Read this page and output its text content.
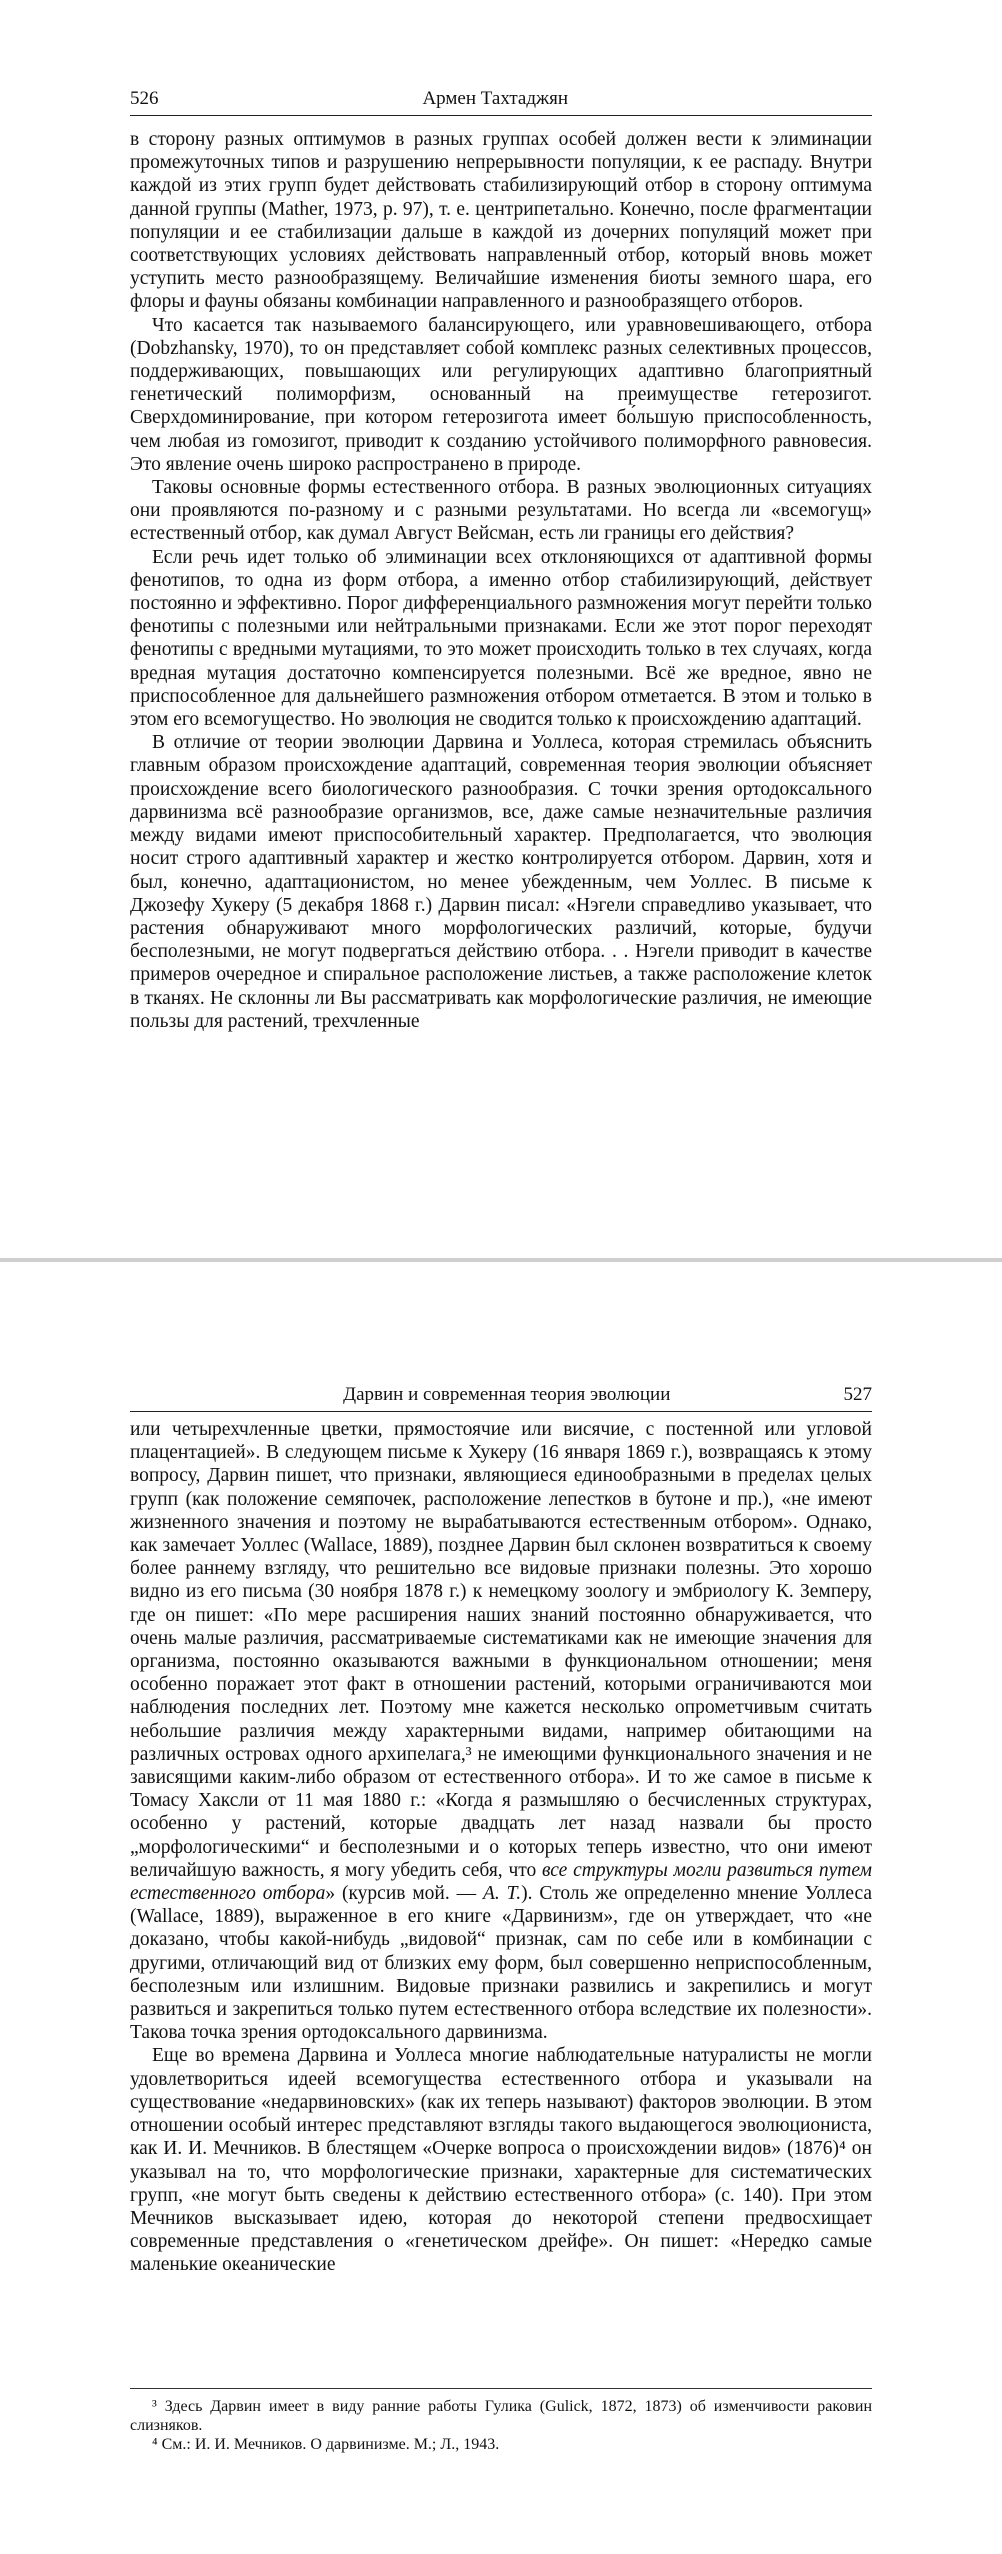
526	Армен Тахтаджян

в сторону разных оптимумов в разных группах особей должен вести к элиминации промежуточных типов и разрушению непрерывности популяции, к ее распаду. Внутри каждой из этих групп будет действовать стабилизирующий отбор в сторону оптимума данной группы (Mather, 1973, p. 97), т. е. центрипетально. Конечно, после фрагментации популяции и ее стабилизации дальше в каждой из дочерних популяций может при соответствующих условиях действовать направленный отбор, который вновь может уступить место разнообразящему. Величайшие изменения биоты земного шара, его флоры и фауны обязаны комбинации направленного и разнообразящего отборов.

Что касается так называемого балансирующего, или уравновешивающего, отбора (Dobzhansky, 1970), то он представляет собой комплекс разных селективных процессов, поддерживающих, повышающих или регулирующих адаптивно благоприятный генетический полиморфизм, основанный на преимуществе гетерозигот. Сверхдоминирование, при котором гетерозигота имеет бо́льшую приспособленность, чем любая из гомозигот, приводит к созданию устойчивого полиморфного равновесия. Это явление очень широко распространено в природе.

Таковы основные формы естественного отбора. В разных эволюционных ситуациях они проявляются по-разному и с разными результатами. Но всегда ли «всемогущ» естественный отбор, как думал Август Вейсман, есть ли границы его действия?

Если речь идет только об элиминации всех отклоняющихся от адаптивной формы фенотипов, то одна из форм отбора, а именно отбор стабилизирующий, действует постоянно и эффективно. Порог дифференциального размножения могут перейти только фенотипы с полезными или нейтральными признаками. Если же этот порог переходят фенотипы с вредными мутациями, то это может происходить только в тех случаях, когда вредная мутация достаточно компенсируется полезными. Всё же вредное, явно не приспособленное для дальнейшего размножения отбором отметается. В этом и только в этом его всемогущество. Но эволюция не сводится только к происхождению адаптаций.

В отличие от теории эволюции Дарвина и Уоллеса, которая стремилась объяснить главным образом происхождение адаптаций, современная теория эволюции объясняет происхождение всего биологического разнообразия. С точки зрения ортодоксального дарвинизма всё разнообразие организмов, все, даже самые незначительные различия между видами имеют приспособительный характер. Предполагается, что эволюция носит строго адаптивный характер и жестко контролируется отбором. Дарвин, хотя и был, конечно, адаптационистом, но менее убежденным, чем Уоллес. В письме к Джозефу Хукеру (5 декабря 1868 г.) Дарвин писал: «Нэгели справедливо указывает, что растения обнаруживают много морфологических различий, которые, будучи бесполезными, не могут подвергаться действию отбора. . . Нэгели приводит в качестве примеров очередное и спиральное расположение листьев, а также расположение клеток в тканях. Не склонны ли Вы рассматривать как морфологические различия, не имеющие пользы для растений, трехчленные

Дарвин и современная теория эволюции	527

или четырехчленные цветки, прямостоячие или висячие, с постенной или угловой плацентацией». В следующем письме к Хукеру (16 января 1869 г.), возвращаясь к этому вопросу, Дарвин пишет, что признаки, являющиеся единообразными в пределах целых групп (как положение семяпочек, расположение лепестков в бутоне и пр.), «не имеют жизненного значения и поэтому не вырабатываются естественным отбором». Однако, как замечает Уоллес (Wallace, 1889), позднее Дарвин был склонен возвратиться к своему более раннему взгляду, что решительно все видовые признаки полезны. Это хорошо видно из его письма (30 ноября 1878 г.) к немецкому зоологу и эмбриологу К. Земперу, где он пишет: «По мере расширения наших знаний постоянно обнаруживается, что очень малые различия, рассматриваемые систематиками как не имеющие значения для организма, постоянно оказываются важными в функциональном отношении; меня особенно поражает этот факт в отношении растений, которыми ограничиваются мои наблюдения последних лет. Поэтому мне кажется несколько опрометчивым считать небольшие различия между характерными видами, например обитающими на различных островах одного архипелага,³ не имеющими функционального значения и не зависящими каким-либо образом от естественного отбора». И то же самое в письме к Томасу Хаксли от 11 мая 1880 г.: «Когда я размышляю о бесчисленных структурах, особенно у растений, которые двадцать лет назад назвали бы просто „морфологическими“ и бесполезными и о которых теперь известно, что они имеют величайшую важность, я могу убедить себя, что все структуры могли развиться путем естественного отбора» (курсив мой. — А. Т.). Столь же определенно мнение Уоллеса (Wallace, 1889), выраженное в его книге «Дарвинизм», где он утверждает, что «не доказано, чтобы какой-нибудь „видовой“ признак, сам по себе или в комбинации с другими, отличающий вид от близких ему форм, был совершенно неприспособленным, бесполезным или излишним. Видовые признаки развились и закрепились и могут развиться и закрепиться только путем естественного отбора вследствие их полезности». Такова точка зрения ортодоксального дарвинизма.

Еще во времена Дарвина и Уоллеса многие наблюдательные натуралисты не могли удовлетвориться идеей всемогущества естественного отбора и указывали на существование «недарвиновских» (как их теперь называют) факторов эволюции. В этом отношении особый интерес представляют взгляды такого выдающегося эволюциониста, как И. И. Мечников. В блестящем «Очерке вопроса о происхождении видов» (1876)⁴ он указывал на то, что морфологические признаки, характерные для систематических групп, «не могут быть сведены к действию естественного отбора» (с. 140). При этом Мечников высказывает идею, которая до некоторой степени предвосхищает современные представления о «генетическом дрейфе». Он пишет: «Нередко самые маленькие океанические

³ Здесь Дарвин имеет в виду ранние работы Гулика (Gulick, 1872, 1873) об изменчивости раковин слизняков.

⁴ См.: И. И. Мечников. О дарвинизме. М.; Л., 1943.
